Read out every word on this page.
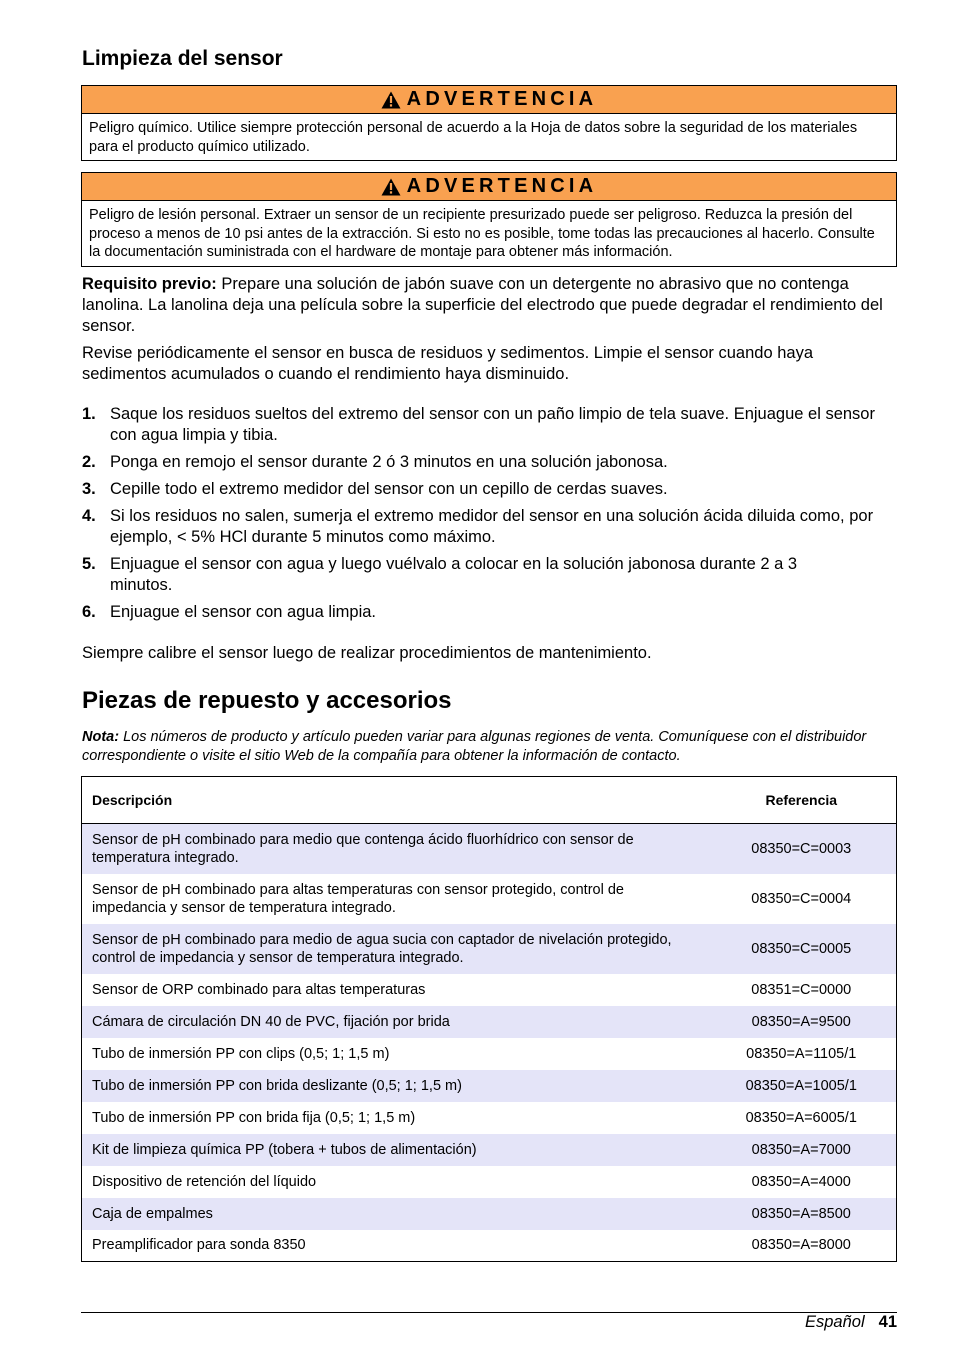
Limpieza del sensor
ADVERTENCIA
Peligro químico. Utilice siempre protección personal de acuerdo a la Hoja de datos sobre la seguridad de los materiales para el producto químico utilizado.
ADVERTENCIA
Peligro de lesión personal. Extraer un sensor de un recipiente presurizado puede ser peligroso. Reduzca la presión del proceso a menos de 10 psi antes de la extracción. Si esto no es posible, tome todas las precauciones al hacerlo. Consulte la documentación suministrada con el hardware de montaje para obtener más información.

Requisito previo: Prepare una solución de jabón suave con un detergente no abrasivo que no contenga lanolina. La lanolina deja una película sobre la superficie del electrodo que puede degradar el rendimiento del sensor.

Revise periódicamente el sensor en busca de residuos y sedimentos. Limpie el sensor cuando haya sedimentos acumulados o cuando el rendimiento haya disminuido.

1. Saque los residuos sueltos del extremo del sensor con un paño limpio de tela suave. Enjuague el sensor con agua limpia y tibia.
2. Ponga en remojo el sensor durante 2 ó 3 minutos en una solución jabonosa.
3. Cepille todo el extremo medidor del sensor con un cepillo de cerdas suaves.
4. Si los residuos no salen, sumerja el extremo medidor del sensor en una solución ácida diluida como, por ejemplo, < 5% HCl durante 5 minutos como máximo.
5. Enjuague el sensor con agua y luego vuélvalo a colocar en la solución jabonosa durante 2 a 3 minutos.
6. Enjuague el sensor con agua limpia.

Siempre calibre el sensor luego de realizar procedimientos de mantenimiento.

Piezas de repuesto y accesorios

Nota: Los números de producto y artículo pueden variar para algunas regiones de venta. Comuníquese con el distribuidor correspondiente o visite el sitio Web de la compañía para obtener la información de contacto.

Descripción	Referencia
Sensor de pH combinado para medio que contenga ácido fluorhídrico con sensor de temperatura integrado.	08350=C=0003
Sensor de pH combinado para altas temperaturas con sensor protegido, control de impedancia y sensor de temperatura integrado.	08350=C=0004
Sensor de pH combinado para medio de agua sucia con captador de nivelación protegido, control de impedancia y sensor de temperatura integrado.	08350=C=0005
Sensor de ORP combinado para altas temperaturas	08351=C=0000
Cámara de circulación DN 40 de PVC, fijación por brida	08350=A=9500
Tubo de inmersión PP con clips (0,5; 1; 1,5 m)	08350=A=1105/1
Tubo de inmersión PP con brida deslizante (0,5; 1; 1,5 m)	08350=A=1005/1
Tubo de inmersión PP con brida fija (0,5; 1; 1,5 m)	08350=A=6005/1
Kit de limpieza química PP (tobera + tubos de alimentación)	08350=A=7000
Dispositivo de retención del líquido	08350=A=4000
Caja de empalmes	08350=A=8500
Preamplificador para sonda 8350	08350=A=8000
Español 41
